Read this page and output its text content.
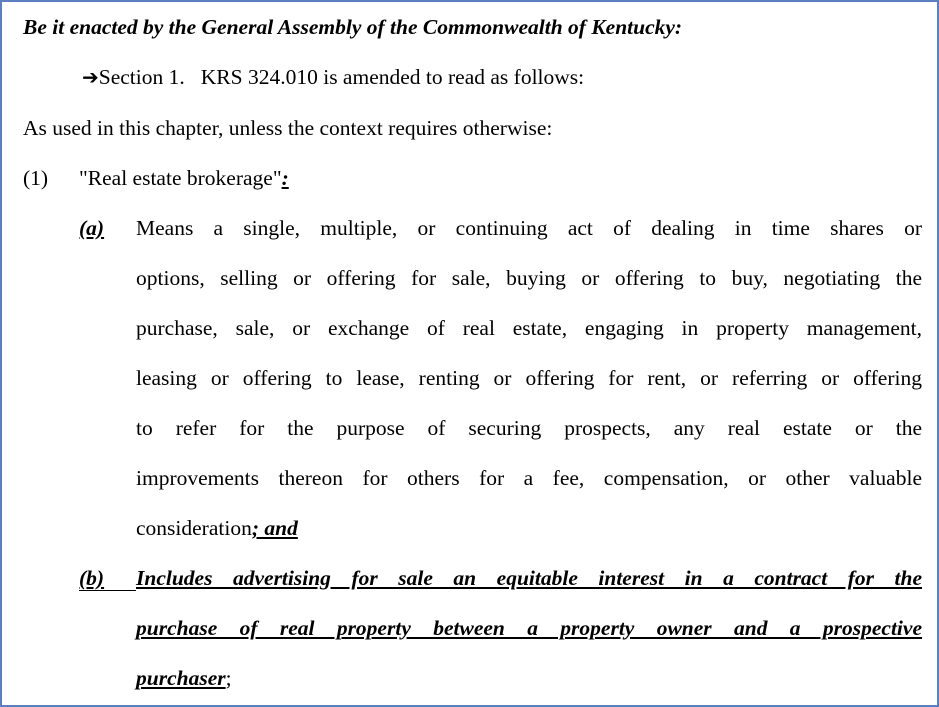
Be it enacted by the General Assembly of the Commonwealth of Kentucky:
➔Section 1. KRS 324.010 is amended to read as follows:
As used in this chapter, unless the context requires otherwise:
(1) "Real estate brokerage":
(a) Means a single, multiple, or continuing act of dealing in time shares or
options, selling or offering for sale, buying or offering to buy, negotiating the
purchase, sale, or exchange of real estate, engaging in property management,
leasing or offering to lease, renting or offering for rent, or referring or offering
to refer for the purpose of securing prospects, any real estate or the
improvements thereon for others for a fee, compensation, or other valuable
consideration; and
(b) Includes advertising for sale an equitable interest in a contract for the
purchase of real property between a property owner and a prospective
purchaser;
